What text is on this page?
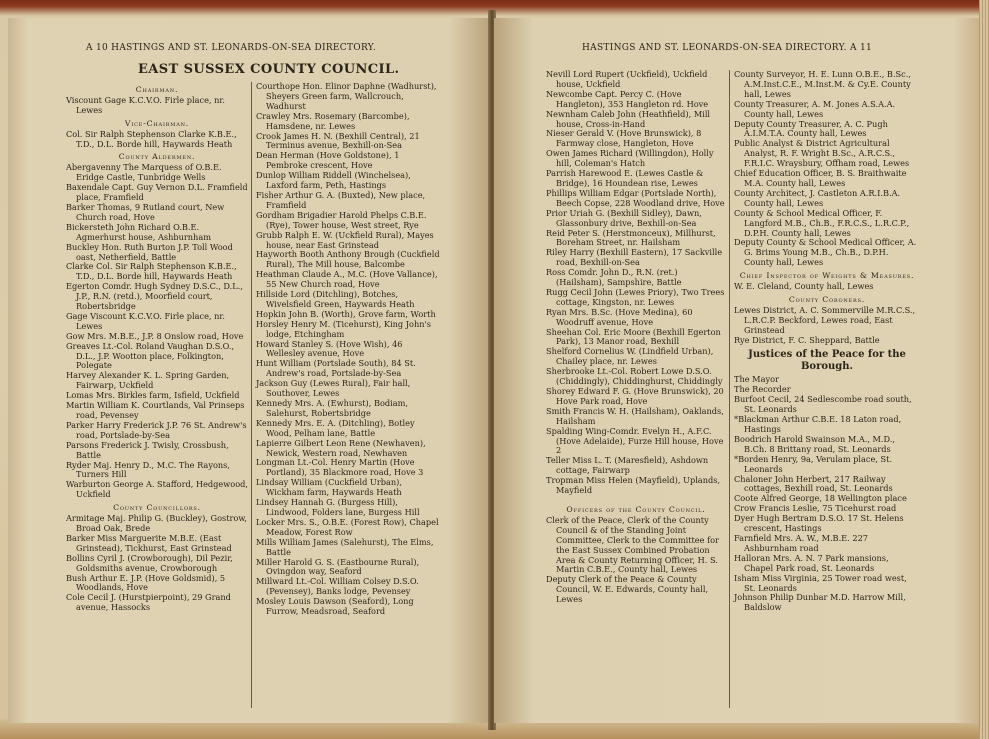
A 10 HASTINGS AND ST. LEONARDS-ON-SEA DIRECTORY.
EAST SUSSEX COUNTY COUNCIL.

Chairman.

Viscount Gage K.C.V.O. Firle place, nr. Lewes

Vice-Chairman.

Col. Sir Ralph Stephenson Clarke K.B.E., T.D., D.L. Borde hill, Haywards Heath

County Aldermen.

Abergavenny The Marquess of O.B.E. Eridge Castle, Tunbridge Wells

Baxendale Capt. Guy Vernon D.L. Framfield place, Framfield

Barker Thomas, 9 Rutland court, New Church road, Hove

Bickersteth John Richard O.B.E. Agmerhurst house, Ashburnham

Buckley Hon. Ruth Burton J.P. Toll Wood oast, Netherfield, Battle

Clarke Col. Sir Ralph Stephenson K.B.E., T.D., D.L. Borde hill, Haywards Heath

Egerton Comdr. Hugh Sydney D.S.C., D.L., J.P., R.N. (retd.), Moorfield court, Robertsbridge

Gage Viscount K.C.V.O. Firle place, nr. Lewes

Gow Mrs. M.B.E., J.P. 8 Onslow road, Hove

Greaves Lt.-Col. Roland Vaughan D.S.O., D.L., J.P. Wootton place, Folkington, Polegate

Harvey Alexander K. L. Spring Garden, Fairwarp, Uckfield

Lomas Mrs. Birkles farm, Isfield, Uckfield

Martin William K. Courtlands, Val Prinseps road, Pevensey

Parker Harry Frederick J.P. 76 St. Andrew's road, Portslade-by-Sea

Parsons Frederick J. Twisly, Crossbush, Battle

Ryder Maj. Henry D., M.C. The Rayons, Turners Hill

Warburton George A. Stafford, Hedgewood, Uckfield

County Councillors.

Armitage Maj. Philip G. (Buckley), Gostrow, Broad Oak, Brede

Barker Miss Marguerite M.B.E. (East Grinstead), Tickhurst, East Grinstead

Bollins Cyril J. (Crowborough), Dil Pezir, Goldsmiths avenue, Crowborough

Bush Arthur E. J.P. (Hove Goldsmid), 5 Woodlands, Hove

Cole Cecil J. (Hurstpierpoint), 29 Grand avenue, Hassocks

Courthope Hon. Elinor Daphne (Wadhurst), Sheyers Green farm, Wallcrouch, Wadhurst

Crawley Mrs. Rosemary (Barcombe), Hamsdene, nr. Lewes

Crook James H. N. (Bexhill Central), 21 Terminus avenue, Bexhill-on-Sea

Dean Herman (Hove Goldstone), 1 Pembroke crescent, Hove

Dunlop William Riddell (Winchelsea), Laxford farm, Peth, Hastings

Fisher Arthur G. A. (Buxted), New place, Framfield

Gordham Brigadier Harold Phelps C.B.E. (Rye), Tower house, West street, Rye

Grubb Ralph E. W. (Uckfield Rural), Mayes house, near East Grinstead

Hayworth Booth Anthony Brough (Cuckfield Rural), The Mill house, Balcombe

Heathman Claude A., M.C. (Hove Vallance), 55 New Church road, Hove

Hillside Lord (Ditchling), Botches, Wivelsfield Green, Haywards Heath

Hopkin John B. (Worth), Grove farm, Worth

Horsley Henry M. (Ticehurst), King John's lodge, Etchingham

Howard Stanley S. (Hove Wish), 46 Wellesley avenue, Hove

Hunt William (Portslade South), 84 St. Andrew's road, Portslade-by-Sea

Jackson Guy (Lewes Rural), Fair hall, Southover, Lewes

Kennedy Mrs. A. (Ewhurst), Bodiam, Salehurst, Robertsbridge

Kennedy Mrs. E. A. (Ditchling), Botley Wood, Pelham lane, Battle

Lapierre Gilbert Leon Rene (Newhaven), Newick, Western road, Newhaven

Longman Lt.-Col. Henry Martin (Hove Portland), 35 Blackmore road, Hove 3

Lindsay William (Cuckfield Urban), Wickham farm, Haywards Heath

Lindsey Hannah G. (Burgess Hill), Lindwood, Folders lane, Burgess Hill

Locker Mrs. S., O.B.E. (Forest Row), Chapel Meadow, Forest Row

Mills William James (Salehurst), The Elms, Battle

Miller Harold G. S. (Eastbourne Rural), Ovingdon way, Seaford

Millward Lt.-Col. William Colsey D.S.O. (Pevensey), Banks lodge, Pevensey

Mosley Louis Dawson (Seaford), Long Furrow, Meadsroad, Seaford

HASTINGS AND ST. LEONARDS-ON-SEA DIRECTORY. A 11

Nevill Lord Rupert (Uckfield), Uckfield house, Uckfield

Newcombe Capt. Percy C. (Hove Hangleton), 353 Hangleton rd. Hove

Newnham Caleb John (Heathfield), Mill house, Cross-in-Hand

Nieser Gerald V. (Hove Brunswick), 8 Farmway close, Hangleton, Hove

Owen James Richard (Willingdon), Holly hill, Coleman's Hatch

Parrish Harewood E. (Lewes Castle & Bridge), 16 Houndean rise, Lewes

Phillips William Edgar (Portslade North), Beech Copse, 228 Woodland drive, Hove

Prior Uriah G. (Bexhill Sidley), Dawn, Glassonbury drive, Bexhill-on-Sea

Reid Peter S. (Herstmonceux), Millhurst, Boreham Street, nr. Hailsham

Riley Harry (Bexhill Eastern), 17 Sackville road, Bexhill-on-Sea

Ross Comdr. John D., R.N. (ret.) (Hailsham), Sampshire, Battle

Rugg Cecil John (Lewes Priory), Two Trees cottage, Kingston, nr. Lewes

Ryan Mrs. B.Sc. (Hove Medina), 60 Woodruff avenue, Hove

Sheehan Col. Eric Moore (Bexhill Egerton Park), 13 Manor road, Bexhill

Shelford Cornelius W. (Lindfield Urban), Chailey place, nr. Lewes

Sherbrooke Lt.-Col. Robert Lowe D.S.O. (Chiddingly), Chiddinghurst, Chiddingly

Shorey Edward F. G. (Hove Brunswick), 20 Hove Park road, Hove

Smith Francis W. H. (Hailsham), Oaklands, Hailsham

Spalding Wing-Comdr. Evelyn H., A.F.C. (Hove Adelaide), Furze Hill house, Hove 2

Teller Miss L. T. (Maresfield), Ashdown cottage, Fairwarp

Tropman Miss Helen (Mayfield), Uplands, Mayfield

Officers of the County Council.

Clerk of the Peace, Clerk of the County Council & of the Standing Joint Committee, Clerk to the Committee for the East Sussex Combined Probation Area & County Returning Officer, H. S. Martin C.B.E., County hall, Lewes

Deputy Clerk of the Peace & County Council, W. E. Edwards, County hall, Lewes

County Surveyor, H. E. Lunn O.B.E., B.Sc., A.M.Inst.C.E., M.Inst.M. & Cy.E. County hall, Lewes

County Treasurer, A. M. Jones A.S.A.A. County hall, Lewes

Deputy County Treasurer, A. C. Pugh A.I.M.T.A. County hall, Lewes

Public Analyst & District Agricultural Analyst, R. F. Wright B.Sc., A.R.C.S., F.R.I.C. Wraysbury, Offham road, Lewes

Chief Education Officer, B. S. Braithwaite M.A. County hall, Lewes

County Architect, J. Castleton A.R.I.B.A. County hall, Lewes

County & School Medical Officer, F. Langford M.B., Ch.B., F.R.C.S., L.R.C.P., D.P.H. County hall, Lewes

Deputy County & School Medical Officer, A. G. Brims Young M.B., Ch.B., D.P.H. County hall, Lewes

Chief Inspector of Weights & Measures.

W. E. Cleland, County hall, Lewes

County Coroners.

Lewes District, A. C. Sommerville M.R.C.S., L.R.C.P. Beckford, Lewes road, East Grinstead

Rye District, F. C. Sheppard, Battle

Justices of the Peace for the Borough.

The Mayor

The Recorder

Burfoot Cecil, 24 Sedlescombe road south, St. Leonards

*Blackman Arthur C.B.E. 18 Laton road, Hastings

Boodrich Harold Swainson M.A., M.D., B.Ch. 8 Brittany road, St. Leonards

*Borden Henry, 9a, Verulam place, St. Leonards

Chaloner John Herbert, 217 Railway cottages, Bexhill road, St. Leonards

Coote Alfred George, 18 Wellington place

Crow Francis Leslie, 75 Ticehurst road

Dyer Hugh Bertram D.S.O. 17 St. Helens crescent, Hastings

Farnfield Mrs. A. W., M.B.E. 227 Ashburnham road

Halloran Mrs. A. N. 7 Park mansions, Chapel Park road, St. Leonards

Isham Miss Virginia, 25 Tower road west, St. Leonards

Johnson Philip Dunbar M.D. Harrow Mill, Baldslow
